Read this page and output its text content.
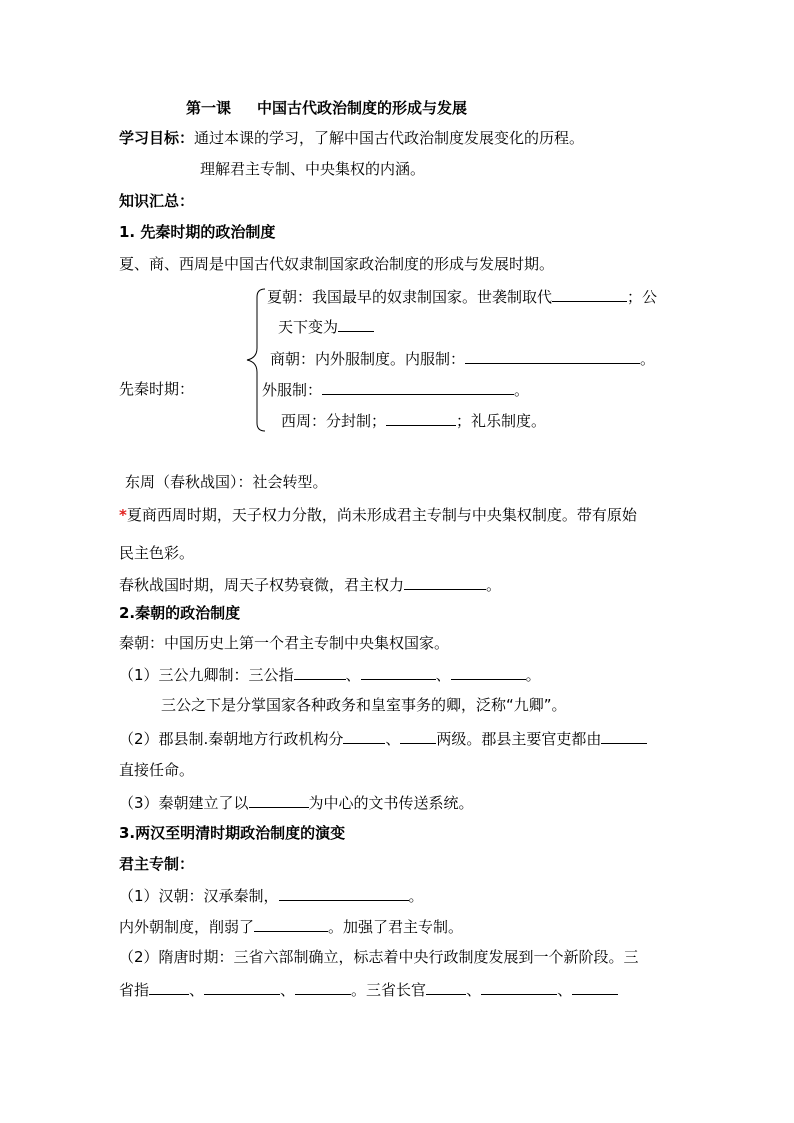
第一课 中国古代政治制度的形成与发展
学习目标：通过本课的学习，了解中国古代政治制度发展变化的历程。
理解君主专制、中央集权的内涵。
知识汇总：
1. 先秦时期的政治制度
夏、商、西周是中国古代奴隶制国家政治制度的形成与发展时期。
夏朝：我国最早的奴隶制国家。世袭制取代	；公
天下变为
商朝：内外服制度。内服制：	。
先秦时期：	外服制：	。
西周：分封制；	；礼乐制度。
东周（春秋战国）：社会转型。
*夏商西周时期，天子权力分散，尚未形成君主专制与中央集权制度。带有原始
民主色彩。
春秋战国时期，周天子权势衰微，君主权力	。
2.秦朝的政治制度
秦朝：中国历史上第一个君主专制中央集权国家。
（1）三公九卿制：三公指	、	、	。
三公之下是分掌国家各种政务和皇室事务的卿，泛称“九卿”。
（2）郡县制.秦朝地方行政机构分	、 两级。郡县主要官吏都由
直接任命。
（3）秦朝建立了以	为中心的文书传送系统。
3.两汉至明清时期政治制度的演变
君主专制：
（1）汉朝：汉承秦制，	。
内外朝制度，削弱了	。加强了君主专制。
（2）隋唐时期：三省六部制确立，标志着中央行政制度发展到一个新阶段。三
省指	、	、	。三省长官	、	、
